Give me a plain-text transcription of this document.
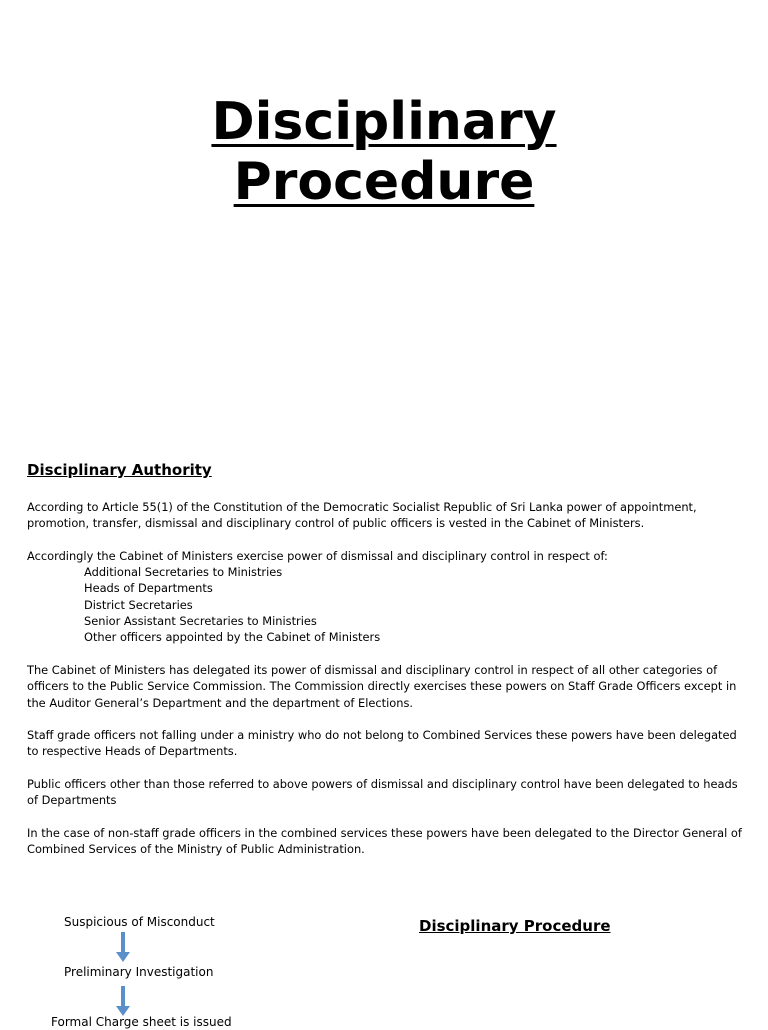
Disciplinary
Procedure
Disciplinary Authority

According to Article 55(1) of the Constitution of the Democratic Socialist Republic of Sri Lanka power of appointment, promotion, transfer, dismissal and disciplinary control of public officers is vested in the Cabinet of Ministers.

Accordingly the Cabinet of Ministers exercise power of dismissal and disciplinary control in respect of:
Additional Secretaries to Ministries
Heads of Departments
District Secretaries
Senior Assistant Secretaries to Ministries
Other officers appointed by the Cabinet of Ministers

The Cabinet of Ministers has delegated its power of dismissal and disciplinary control in respect of all other categories of officers to the Public Service Commission. The Commission directly exercises these powers on Staff Grade Officers except in the Auditor General’s Department and the department of Elections.

Staff grade officers not falling under a ministry who do not belong to Combined Services these powers have been delegated to respective Heads of Departments.

Public officers other than those referred to above powers of dismissal and disciplinary control have been delegated to heads of Departments

In the case of non-staff grade officers in the combined services these powers have been delegated to the Director General of Combined Services of the Ministry of Public Administration.

Suspicious of Misconduct
Preliminary Investigation
Formal Charge sheet is issued
Disciplinary Procedure
